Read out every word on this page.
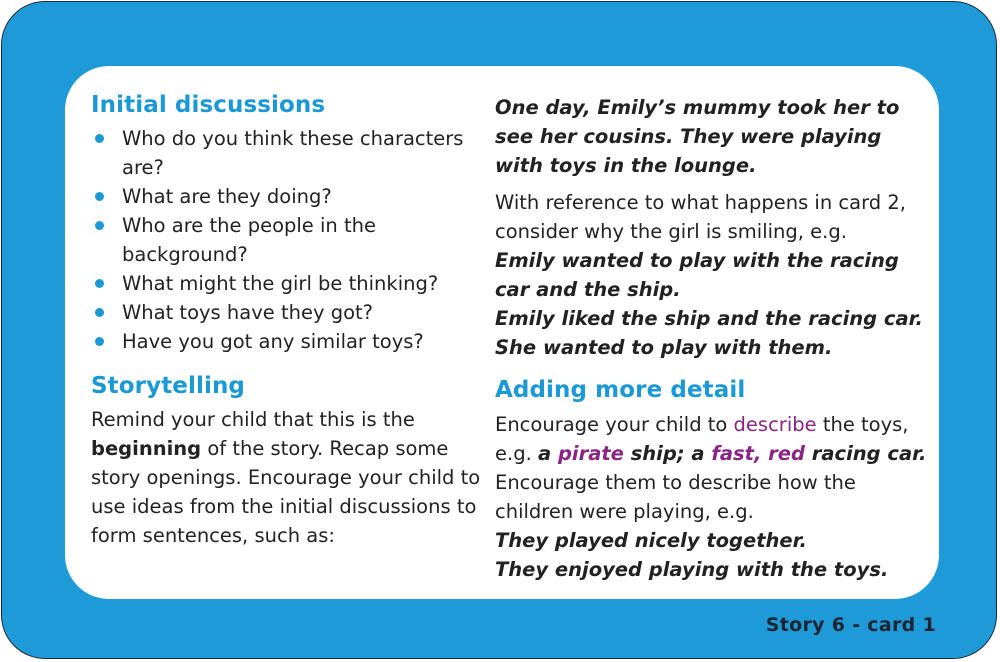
Initial discussions
Who do you think these characters are?
What are they doing?
Who are the people in the background?
What might the girl be thinking?
What toys have they got?
Have you got any similar toys?
Storytelling

Remind your child that this is the beginning of the story. Recap some story openings. Encourage your child to use ideas from the initial discussions to form sentences, such as:

One day, Emily’s mummy took her to see her cousins. They were playing with toys in the lounge.

With reference to what happens in card 2, consider why the girl is smiling, e.g.

Emily wanted to play with the racing car and the ship.

Emily liked the ship and the racing car. She wanted to play with them.

Adding more detail

Encourage your child to describe the toys, e.g. a pirate ship; a fast, red racing car.

Encourage them to describe how the children were playing, e.g.

They played nicely together.

They enjoyed playing with the toys.

Story 6 - card 1
